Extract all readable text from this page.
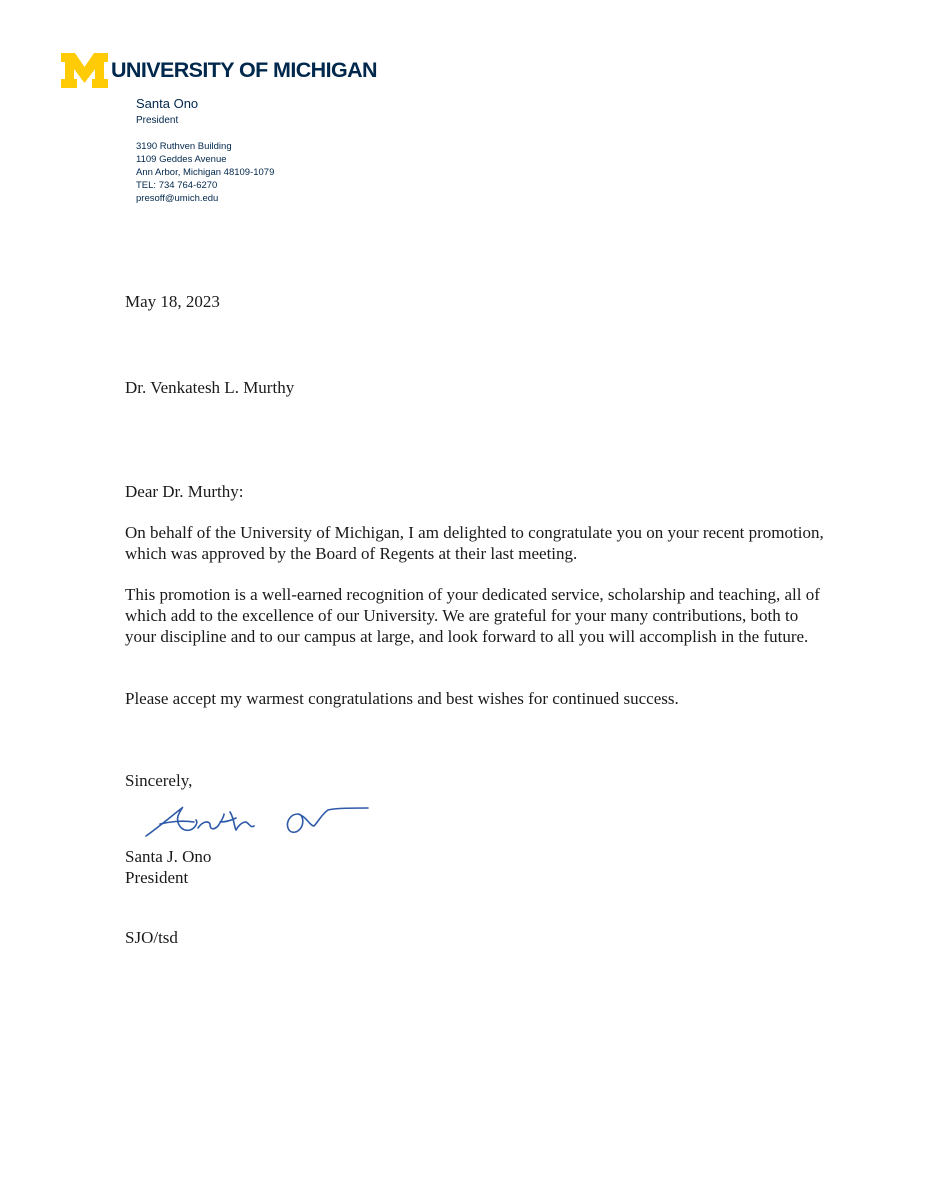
UNIVERSITY OF MICHIGAN
Santa Ono
President
3190 Ruthven Building
1109 Geddes Avenue
Ann Arbor, Michigan 48109-1079
TEL: 734 764-6270
presoff@umich.edu

May 18, 2023

Dr. Venkatesh L. Murthy

Dear Dr. Murthy:

On behalf of the University of Michigan, I am delighted to congratulate you on your recent promotion, which was approved by the Board of Regents at their last meeting.

This promotion is a well-earned recognition of your dedicated service, scholarship and teaching, all of which add to the excellence of our University. We are grateful for your many contributions, both to your discipline and to our campus at large, and look forward to all you will accomplish in the future.

Please accept my warmest congratulations and best wishes for continued success.

Sincerely,

Santa J. Ono
President

SJO/tsd
